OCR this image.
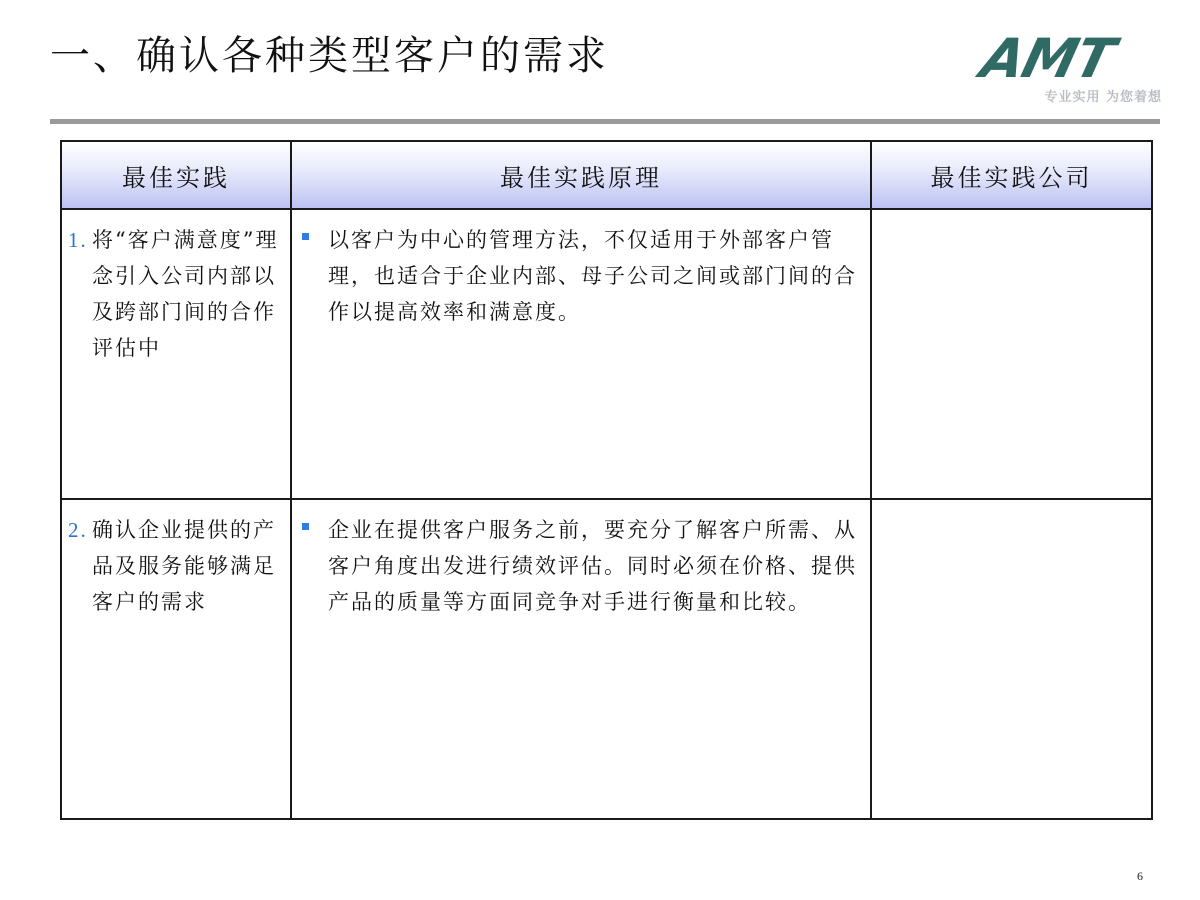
一、确认各种类型客户的需求	AMT
专业实用 为您着想
最佳实践	最佳实践原理	最佳实践公司

1. 将“客户满意度”理念引入公司内部以及跨部门间的合作评估中	以客户为中心的管理方法，不仅适用于外部客户管理，也适合于企业内部、母子公司之间或部门间的合作以提高效率和满意度。	

2. 确认企业提供的产品及服务能够满足客户的需求	企业在提供客户服务之前，要充分了解客户所需、从客户角度出发进行绩效评估。同时必须在价格、提供产品的质量等方面同竞争对手进行衡量和比较。	

6
